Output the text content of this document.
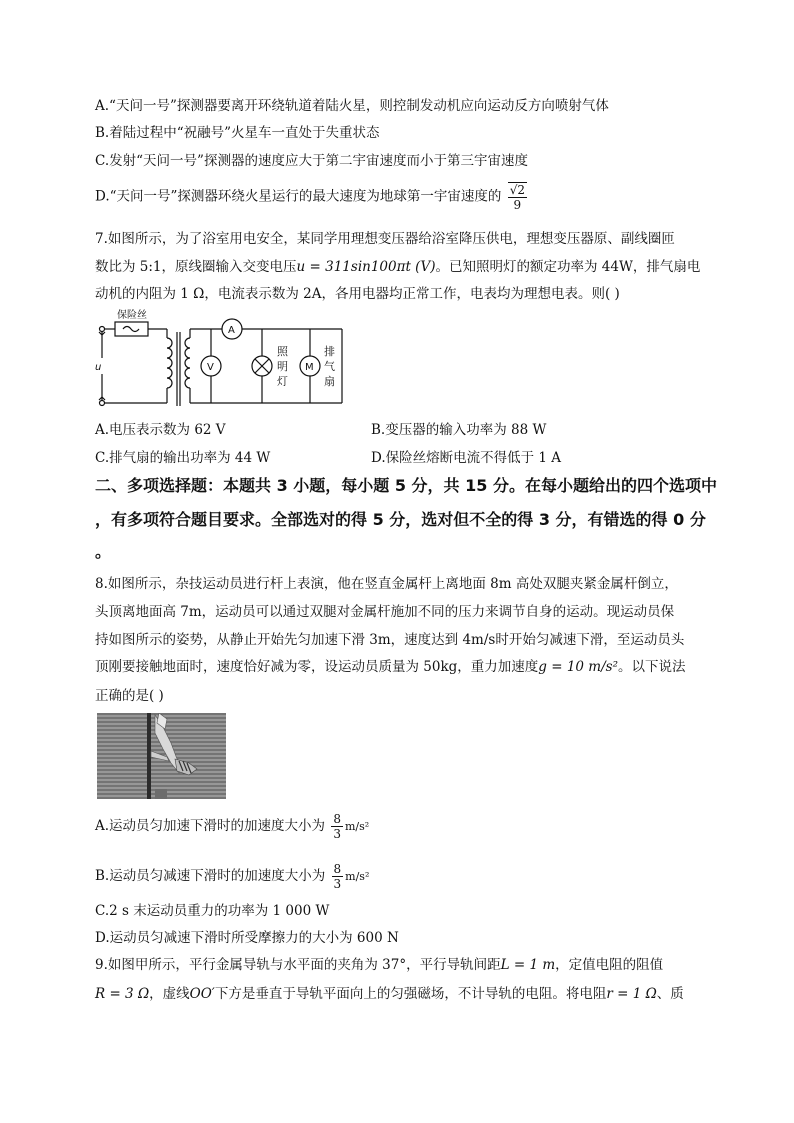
A.“天问一号”探测器要离开环绕轨道着陆火星，则控制发动机应向运动反方向喷射气体
B.着陆过程中“祝融号”火星车一直处于失重状态
C.发射“天问一号”探测器的速度应大于第二宇宙速度而小于第三宇宙速度
D.“天问一号”探测器环绕火星运行的最大速度为地球第一宇宙速度的 $\frac{√2}{9}$
7.如图所示，为了浴室用电安全，某同学用理想变压器给浴室降压供电，理想变压器原、副线圈匝
数比为 5:1，原线圈输入交变电压u = 311sin100πt (V)。已知照明灯的额定功率为 44W，排气扇电
动机的内阻为 1 Ω，电流表示数为 2A，各用电器均正常工作，电表均为理想电表。则( )
保险丝
u
A
V	M
照
明
灯
排
气
扇
A.电压表示数为 62 V	B.变压器的输入功率为 88 W
C.排气扇的输出功率为 44 W	D.保险丝熔断电流不得低于 1 A
二、多项选择题：本题共 3 小题，每小题 5 分，共 15 分。在每小题给出的四个选项中
，有多项符合题目要求。全部选对的得 5 分，选对但不全的得 3 分，有错选的得 0 分
。
8.如图所示，杂技运动员进行杆上表演，他在竖直金属杆上离地面 8m 高处双腿夹紧金属杆倒立，
头顶离地面高 7m，运动员可以通过双腿对金属杆施加不同的压力来调节自身的运动。现运动员保
持如图所示的姿势，从静止开始先匀加速下滑 3m，速度达到 4m/s时开始匀减速下滑，至运动员头
顶刚要接触地面时，速度恰好减为零，设运动员质量为 50kg，重力加速度g = 10 m/s²。以下说法
正确的是( )
A.运动员匀加速下滑时的加速度大小为 $\frac{8}{3} m/s^2$
B.运动员匀减速下滑时的加速度大小为 $\frac{8}{3} m/s^2$
C.2 s 末运动员重力的功率为 1 000 W
D.运动员匀减速下滑时所受摩擦力的大小为 600 N
9.如图甲所示，平行金属导轨与水平面的夹角为 37°，平行导轨间距L = 1 m，定值电阻的阻值
R = 3 Ω，虚线OO′下方是垂直于导轨平面向上的匀强磁场，不计导轨的电阻。将电阻r = 1 Ω、质
